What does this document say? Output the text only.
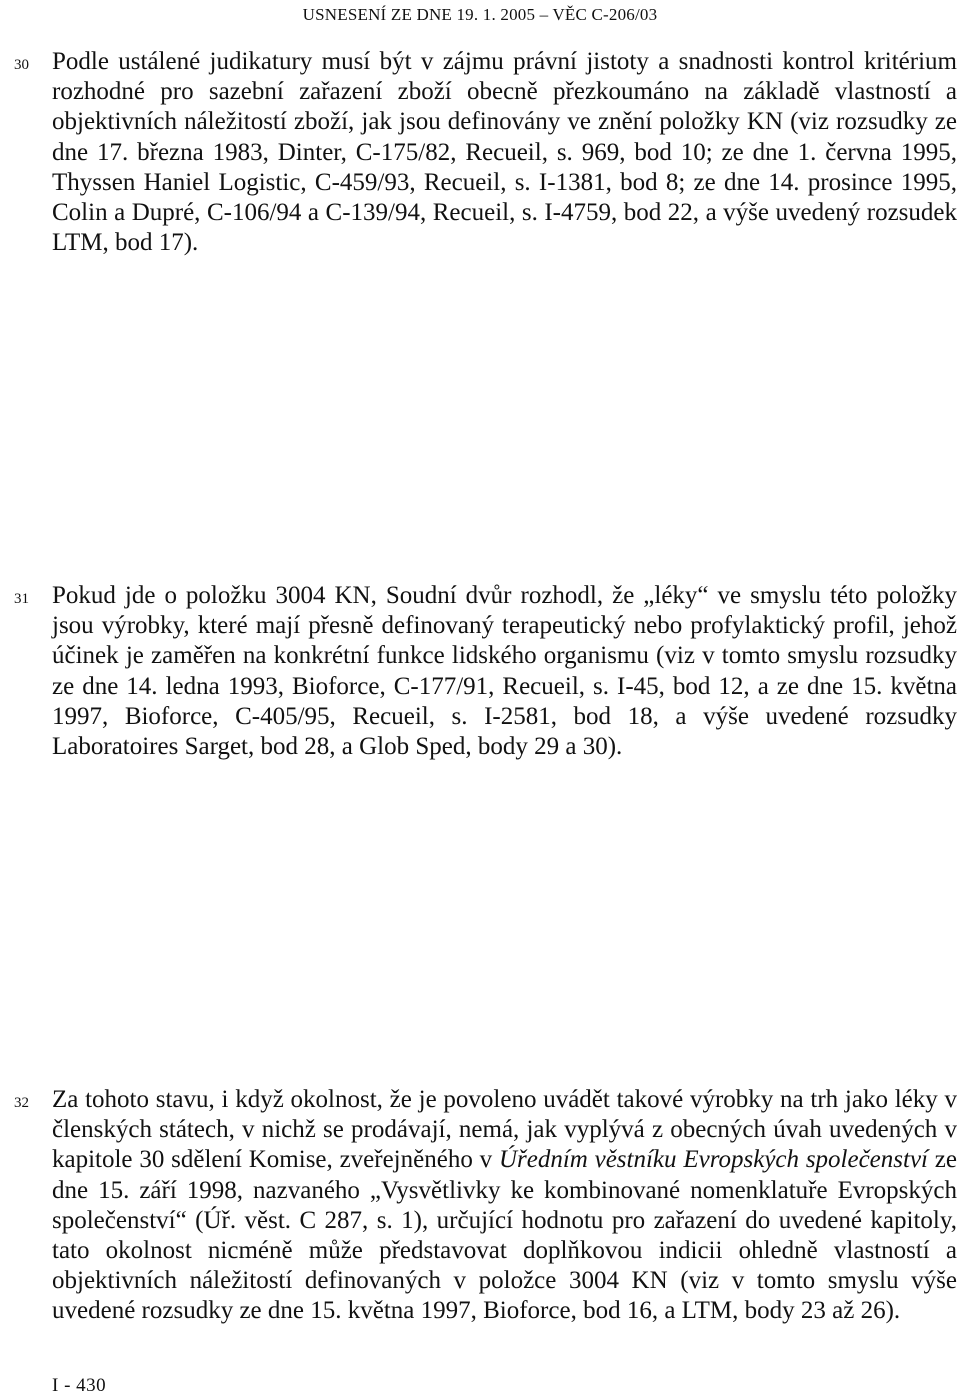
USNESENÍ ZE DNE 19. 1. 2005 – VĚC C-206/03
30 Podle ustálené judikatury musí být v zájmu právní jistoty a snadnosti kontrol kritérium rozhodné pro sazební zařazení zboží obecně přezkoumáno na základě vlastností a objektivních náležitostí zboží, jak jsou definovány ve znění položky KN (viz rozsudky ze dne 17. března 1983, Dinter, C-175/82, Recueil, s. 969, bod 10; ze dne 1. června 1995, Thyssen Haniel Logistic, C-459/93, Recueil, s. I-1381, bod 8; ze dne 14. prosince 1995, Colin a Dupré, C-106/94 a C-139/94, Recueil, s. I-4759, bod 22, a výše uvedený rozsudek LTM, bod 17).

31 Pokud jde o položku 3004 KN, Soudní dvůr rozhodl, že „léky“ ve smyslu této položky jsou výrobky, které mají přesně definovaný terapeutický nebo profylaktický profil, jehož účinek je zaměřen na konkrétní funkce lidského organismu (viz v tomto smyslu rozsudky ze dne 14. ledna 1993, Bioforce, C-177/91, Recueil, s. I-45, bod 12, a ze dne 15. května 1997, Bioforce, C-405/95, Recueil, s. I-2581, bod 18, a výše uvedené rozsudky Laboratoires Sarget, bod 28, a Glob Sped, body 29 a 30).

32 Za tohoto stavu, i když okolnost, že je povoleno uvádět takové výrobky na trh jako léky v členských státech, v nichž se prodávají, nemá, jak vyplývá z obecných úvah uvedených v kapitole 30 sdělení Komise, zveřejněného v Úředním věstníku Evropských společenství ze dne 15. září 1998, nazvaného „Vysvětlivky ke kombinované nomenklatuře Evropských společenství“ (Úř. věst. C 287, s. 1), určující hodnotu pro zařazení do uvedené kapitoly, tato okolnost nicméně může představovat doplňkovou indicii ohledně vlastností a objektivních náležitostí definovaných v položce 3004 KN (viz v tomto smyslu výše uvedené rozsudky ze dne 15. května 1997, Bioforce, bod 16, a LTM, body 23 až 26).

I - 430
